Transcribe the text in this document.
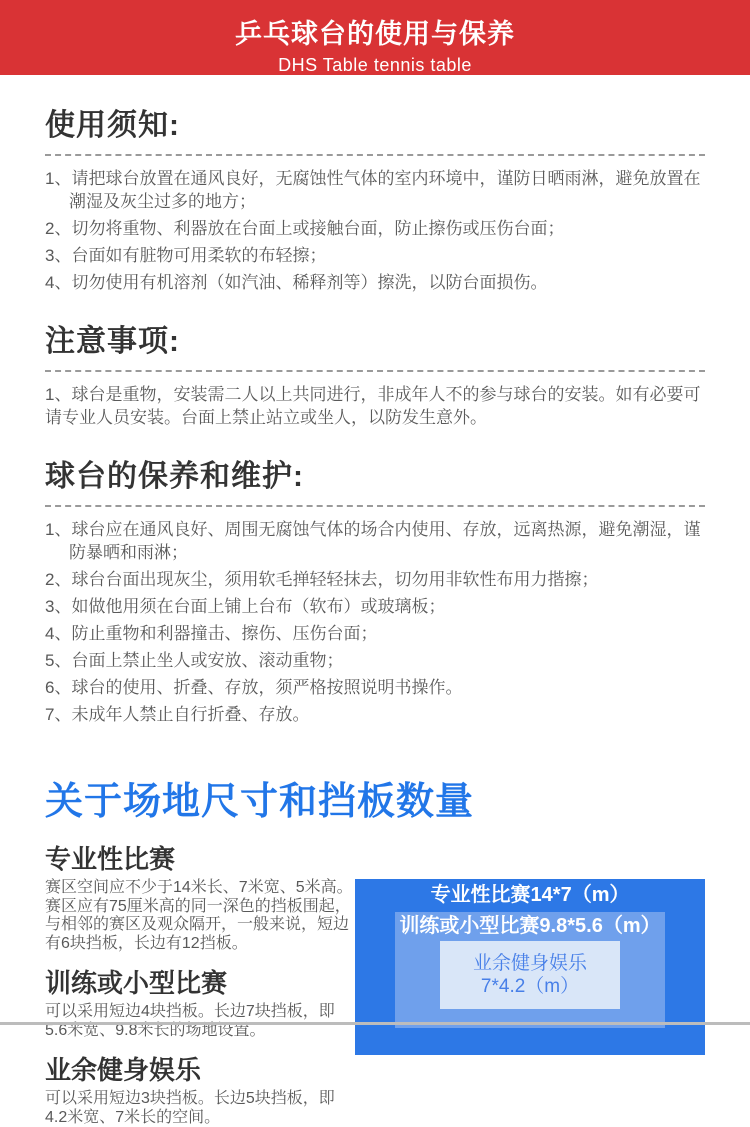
乒乓球台的使用与保养
DHS Table tennis table
使用须知:
1、请把球台放置在通风良好，无腐蚀性气体的室内环境中，谨防日晒雨淋，避免放置在潮湿及灰尘过多的地方；
2、切勿将重物、利器放在台面上或接触台面，防止擦伤或压伤台面；
3、台面如有脏物可用柔软的布轻擦；
4、切勿使用有机溶剂（如汽油、稀释剂等）擦洗，以防台面损伤。
注意事项:
1、球台是重物，安装需二人以上共同进行，非成年人不的参与球台的安装。如有必要可请专业人员安装。台面上禁止站立或坐人，以防发生意外。
球台的保养和维护:
1、球台应在通风良好、周围无腐蚀气体的场合内使用、存放，远离热源，避免潮湿，谨防暴晒和雨淋；
2、球台台面出现灰尘，须用软毛掸轻轻抹去，切勿用非软性布用力揩擦；
3、如做他用须在台面上铺上台布（软布）或玻璃板；
4、防止重物和利器撞击、擦伤、压伤台面；
5、台面上禁止坐人或安放、滚动重物；
6、球台的使用、折叠、存放，须严格按照说明书操作。
7、未成年人禁止自行折叠、存放。
关于场地尺寸和挡板数量
专业性比赛
赛区空间应不少于14米长、7米宽、5米高。赛区应有75厘米高的同一深色的挡板围起，与相邻的赛区及观众隔开，一般来说，短边有6块挡板，长边有12挡板。
训练或小型比赛
可以采用短边4块挡板。长边7块挡板，即5.6米宽、9.8米长的场地设置。
业余健身娱乐
可以采用短边3块挡板。长边5块挡板，即4.2米宽、7米长的空间。
专业性比赛14*7（m）
训练或小型比赛9.8*5.6（m）
业余健身娱乐
7*4.2（m）
